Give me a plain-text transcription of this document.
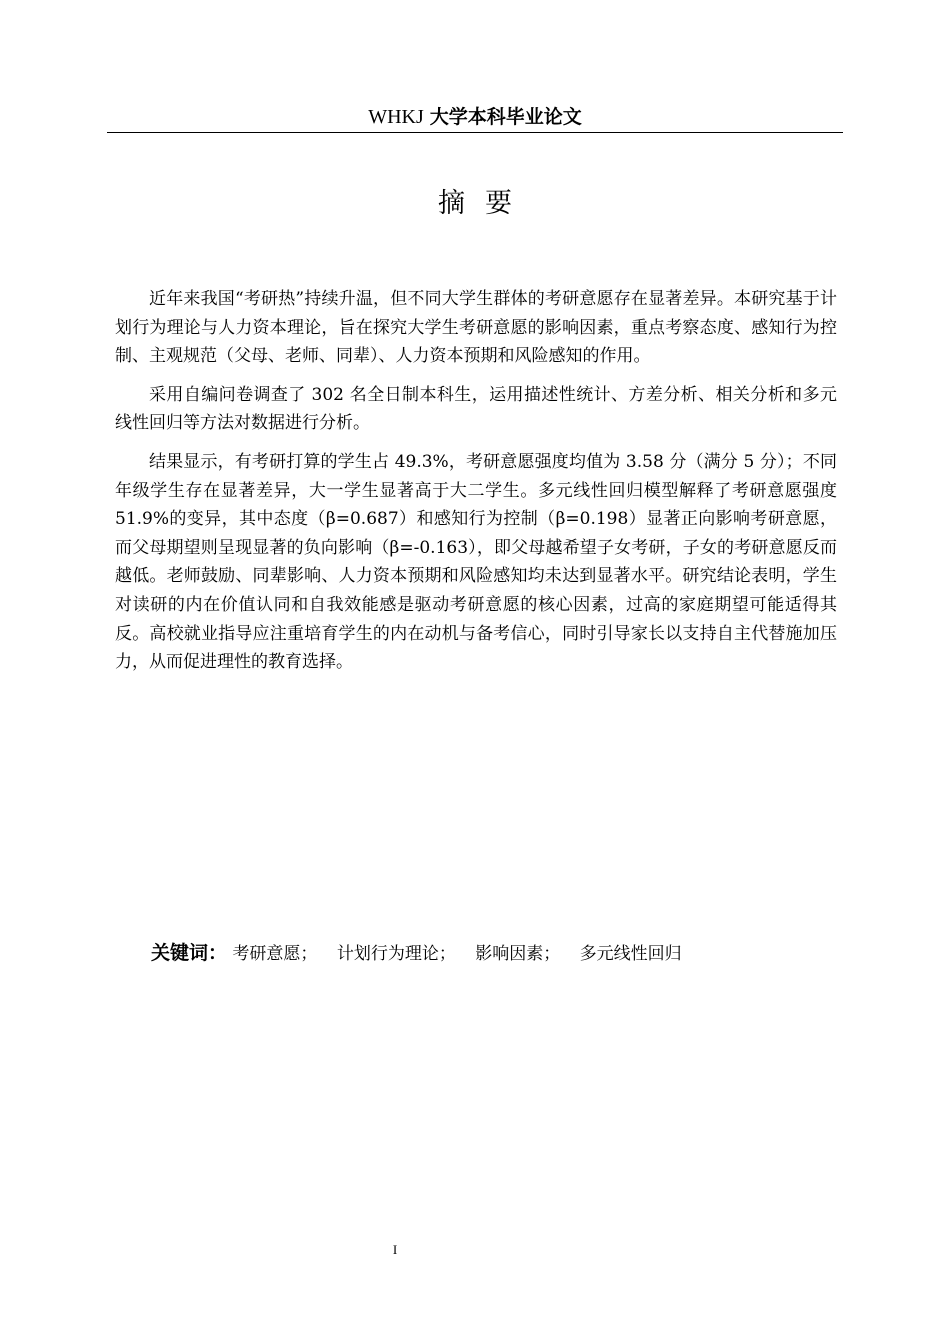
WHKJ 大学本科毕业论文
摘要

近年来我国“考研热”持续升温，但不同大学生群体的考研意愿存在显著差异。本研究基于计划行为理论与人力资本理论，旨在探究大学生考研意愿的影响因素，重点考察态度、感知行为控制、主观规范（父母、老师、同辈）、人力资本预期和风险感知的作用。

采用自编问卷调查了 302 名全日制本科生，运用描述性统计、方差分析、相关分析和多元线性回归等方法对数据进行分析。

结果显示，有考研打算的学生占 49.3%，考研意愿强度均值为 3.58 分（满分 5 分）；不同年级学生存在显著差异，大一学生显著高于大二学生。多元线性回归模型解释了考研意愿强度 51.9%的变异，其中态度（β=0.687）和感知行为控制（β=0.198）显著正向影响考研意愿，而父母期望则呈现显著的负向影响（β=-0.163），即父母越希望子女考研，子女的考研意愿反而越低。老师鼓励、同辈影响、人力资本预期和风险感知均未达到显著水平。研究结论表明，学生对读研的内在价值认同和自我效能感是驱动考研意愿的核心因素，过高的家庭期望可能适得其反。高校就业指导应注重培育学生的内在动机与备考信心，同时引导家长以支持自主代替施加压力，从而促进理性的教育选择。

关键词： 考研意愿； 计划行为理论； 影响因素； 多元线性回归
I
